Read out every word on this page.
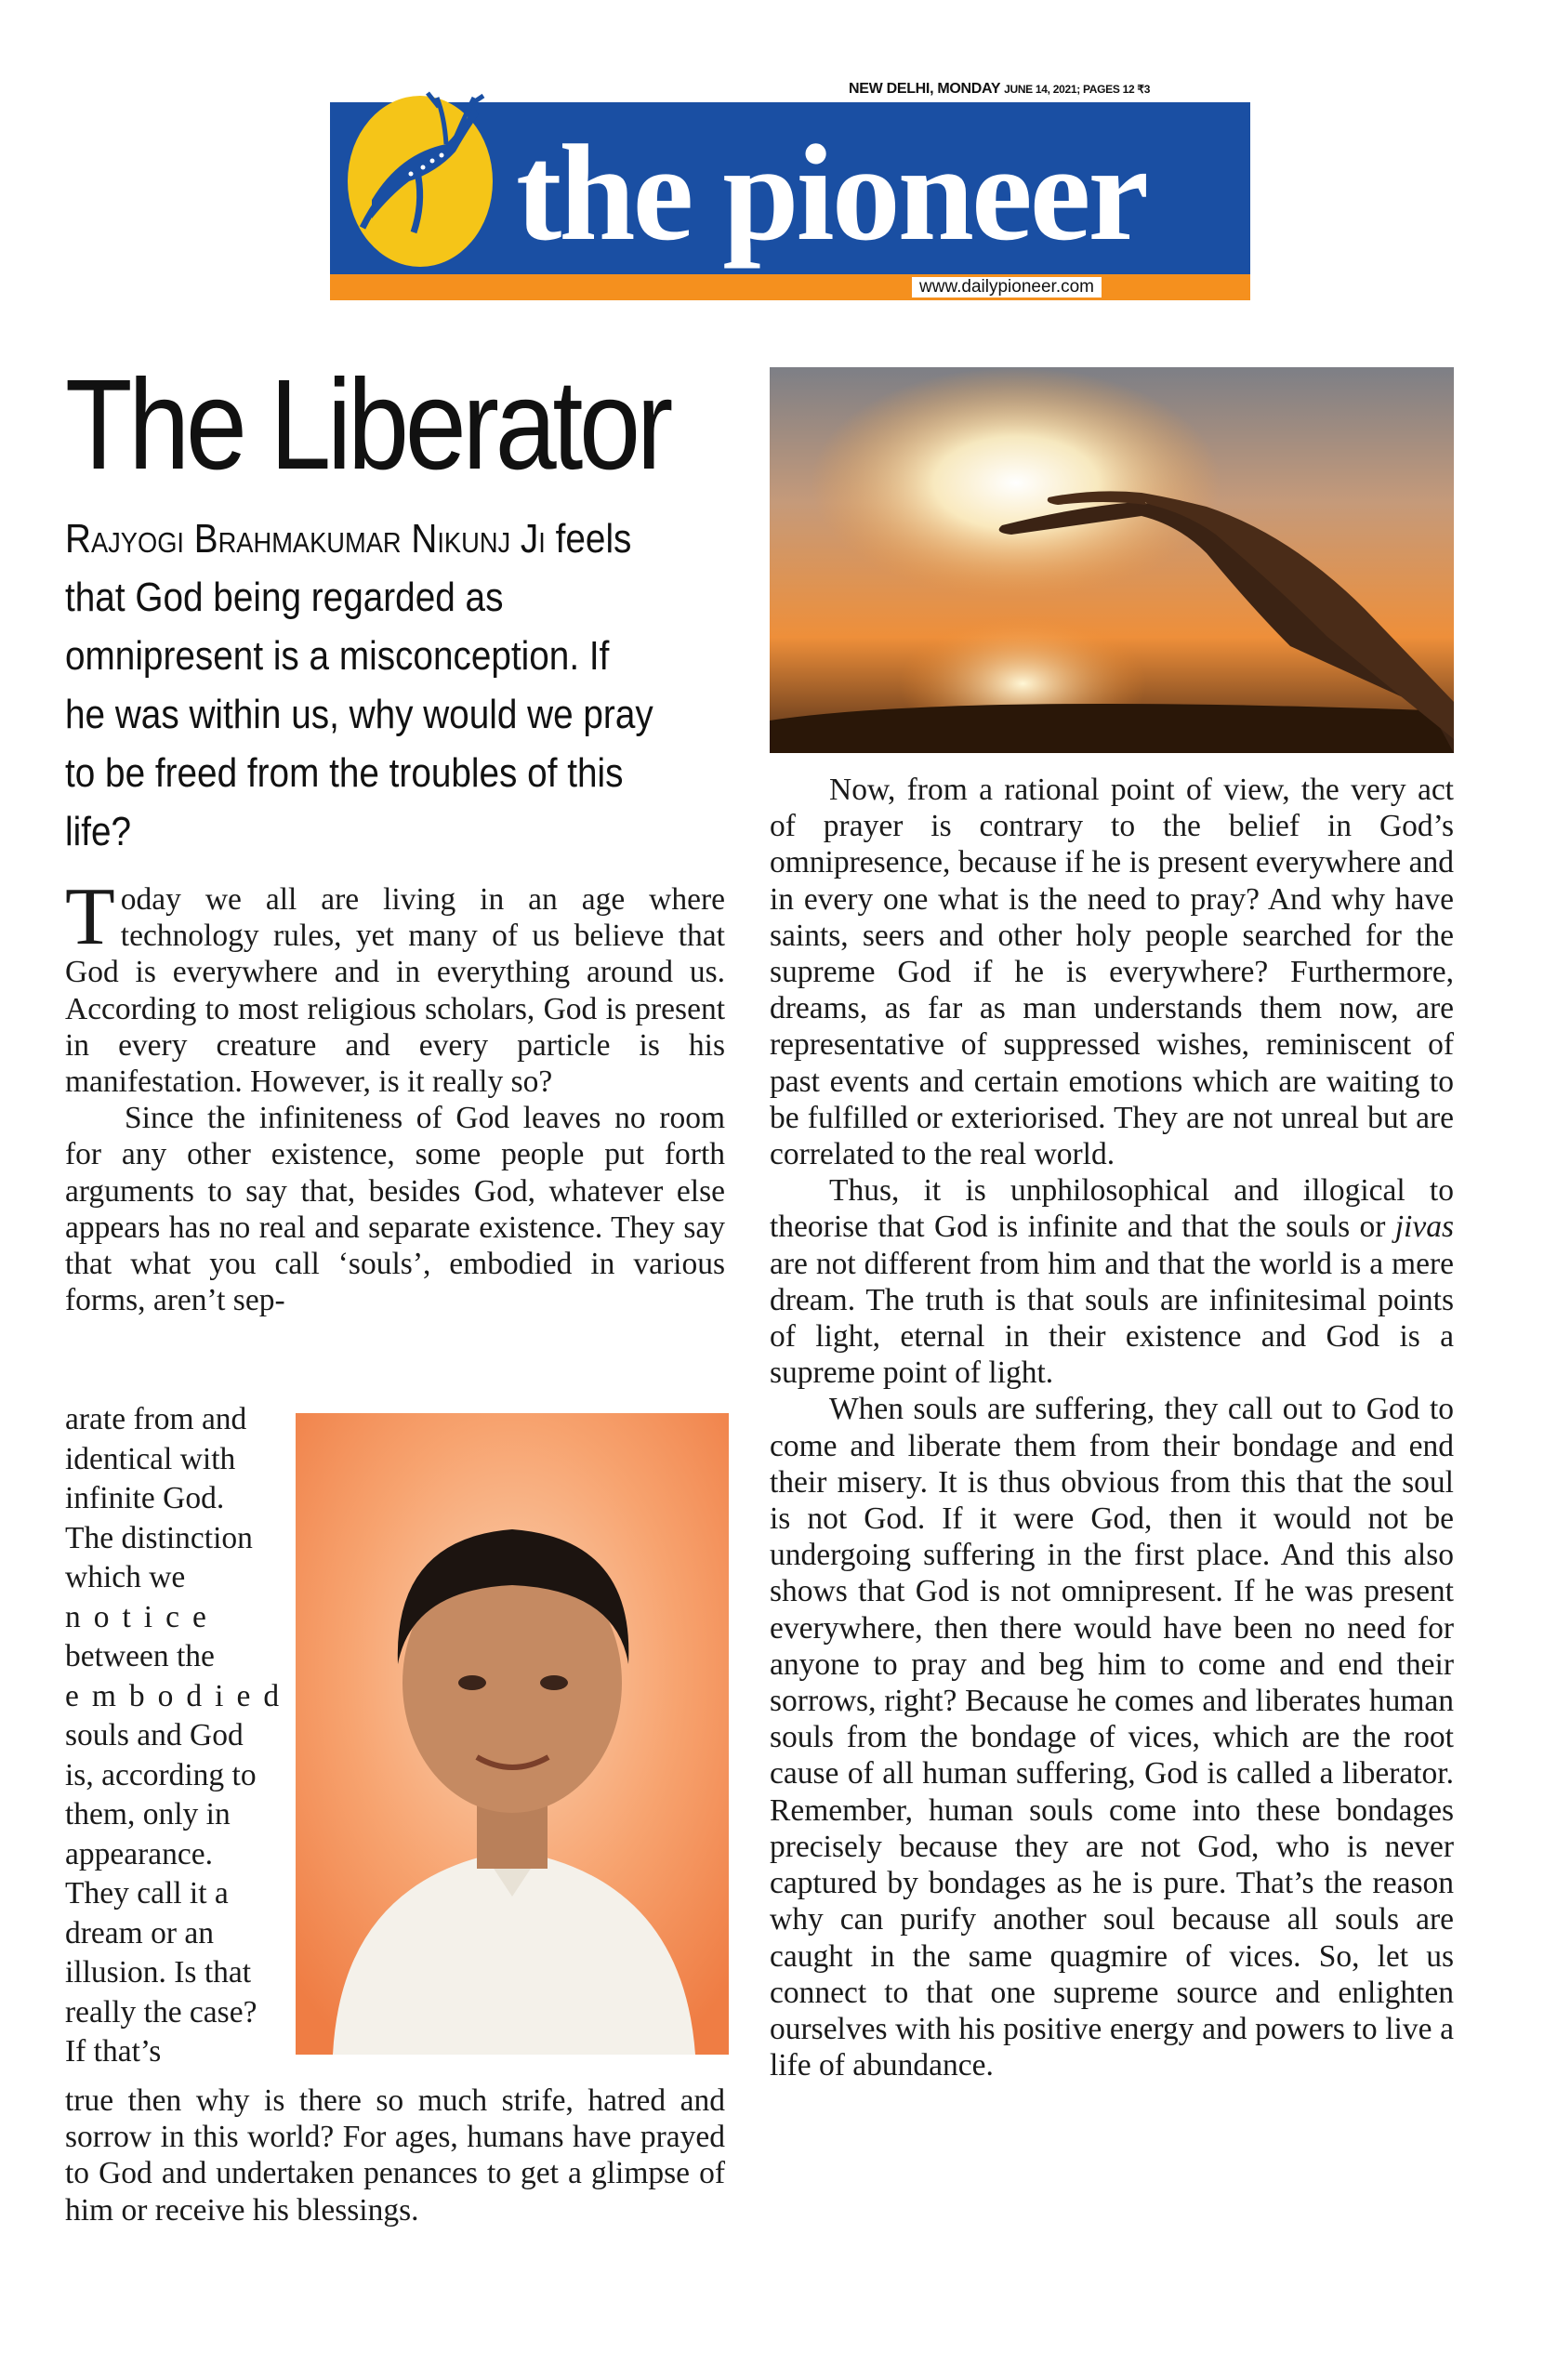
NEW DELHI, MONDAY JUNE 14, 2021; PAGES 12 ₹3
www.dailypioneer.com
the pioneer
The Liberator
Rajyogi Brahmakumar Nikunj Ji feels that God being regarded as omnipresent is a misconception. If he was within us, why would we pray to be freed from the troubles of this life?

Today we all are living in an age where technology rules, yet many of us believe that God is everywhere and in everything around us. According to most religious scholars, God is present in every creature and every particle is his manifestation. However, is it really so?

Since the infiniteness of God leaves no room for any other existence, some people put forth arguments to say that, besides God, whatever else appears has no real and separate existence. They say that what you call ‘souls’, embodied in various forms, aren’t sep-

arate from and identical with infinite God. The distinction which we notice between the embodied souls and God is, according to them, only in appearance. They call it a dream or an illusion. Is that really the case? If that’s

true then why is there so much strife, hatred and sorrow in this world? For ages, humans have prayed to God and undertaken penances to get a glimpse of him or receive his blessings.

Now, from a rational point of view, the very act of prayer is contrary to the belief in God’s omnipresence, because if he is present everywhere and in every one what is the need to pray? And why have saints, seers and other holy people searched for the supreme God if he is everywhere? Furthermore, dreams, as far as man understands them now, are representative of suppressed wishes, reminiscent of past events and certain emotions which are waiting to be fulfilled or exteriorised. They are not unreal but are correlated to the real world.

Thus, it is unphilosophical and illogical to theorise that God is infinite and that the souls or jivas are not different from him and that the world is a mere dream. The truth is that souls are infinitesimal points of light, eternal in their existence and God is a supreme point of light.

When souls are suffering, they call out to God to come and liberate them from their bondage and end their misery. It is thus obvious from this that the soul is not God. If it were God, then it would not be undergoing suffering in the first place. And this also shows that God is not omnipresent. If he was present everywhere, then there would have been no need for anyone to pray and beg him to come and end their sorrows, right? Because he comes and liberates human souls from the bondage of vices, which are the root cause of all human suffering, God is called a liberator. Remember, human souls come into these bondages precisely because they are not God, who is never captured by bondages as he is pure. That’s the reason why can purify another soul because all souls are caught in the same quagmire of vices. So, let us connect to that one supreme source and enlighten ourselves with his positive energy and powers to live a life of abundance.
